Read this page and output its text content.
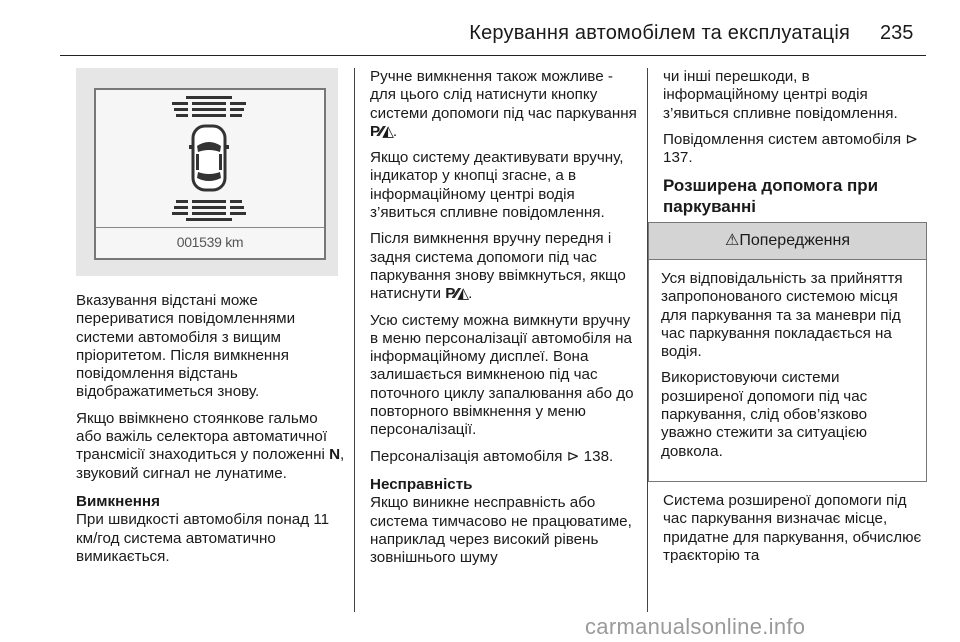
Керування автомобілем та експлуатація 235
001539 km

Вказування відстані може перериватися повідомленнями системи автомобіля з вищим пріоритетом. Після вимкнення повідомлення відстань відображатиметься знову.

Якщо ввімкнено стоянкове гальмо або важіль селектора автоматичної трансмісії знаходиться у положенні N, звуковий сигнал не лунатиме.

Вимкнення

При швидкості автомобіля понад 11 км/год система автоматично вимикається.

Ручне вимкнення також можливе - для цього слід натиснути кнопку системи допомоги під час паркування P⁄⁄◭.

Якщо систему деактивувати вручну, індикатор у кнопці згасне, а в інформаційному центрі водія з’явиться спливне повідомлення.

Після вимкнення вручну передня і задня система допомоги під час паркування знову ввімкнуться, якщо натиснути P⁄⁄◭.

Усю систему можна вимкнути вручну в меню персоналізації автомобіля на інформаційному дисплеї. Вона залишається вимкненою під час поточного циклу запалювання або до повторного ввімкнення у меню персоналізації.

Персоналізація автомобіля ⊳ 138.

Несправність

Якщо виникне несправність або система тимчасово не працюватиме, наприклад через високий рівень зовнішнього шуму

чи інші перешкоди, в інформаційному центрі водія з’явиться спливне повідомлення.

Повідомлення систем автомобіля ⊳ 137.

Розширена допомога при паркуванні
⚠Попередження

Уся відповідальність за прийняття запропонованого системою місця для паркування та за маневри під час паркування покладається на водія.

Використовуючи системи розширеної допомоги під час паркування, слід обов’язково уважно стежити за ситуацією довкола.

Система розширеної допомоги під час паркування визначає місце, придатне для паркування, обчислює траєкторію та

carmanualsonline.info
